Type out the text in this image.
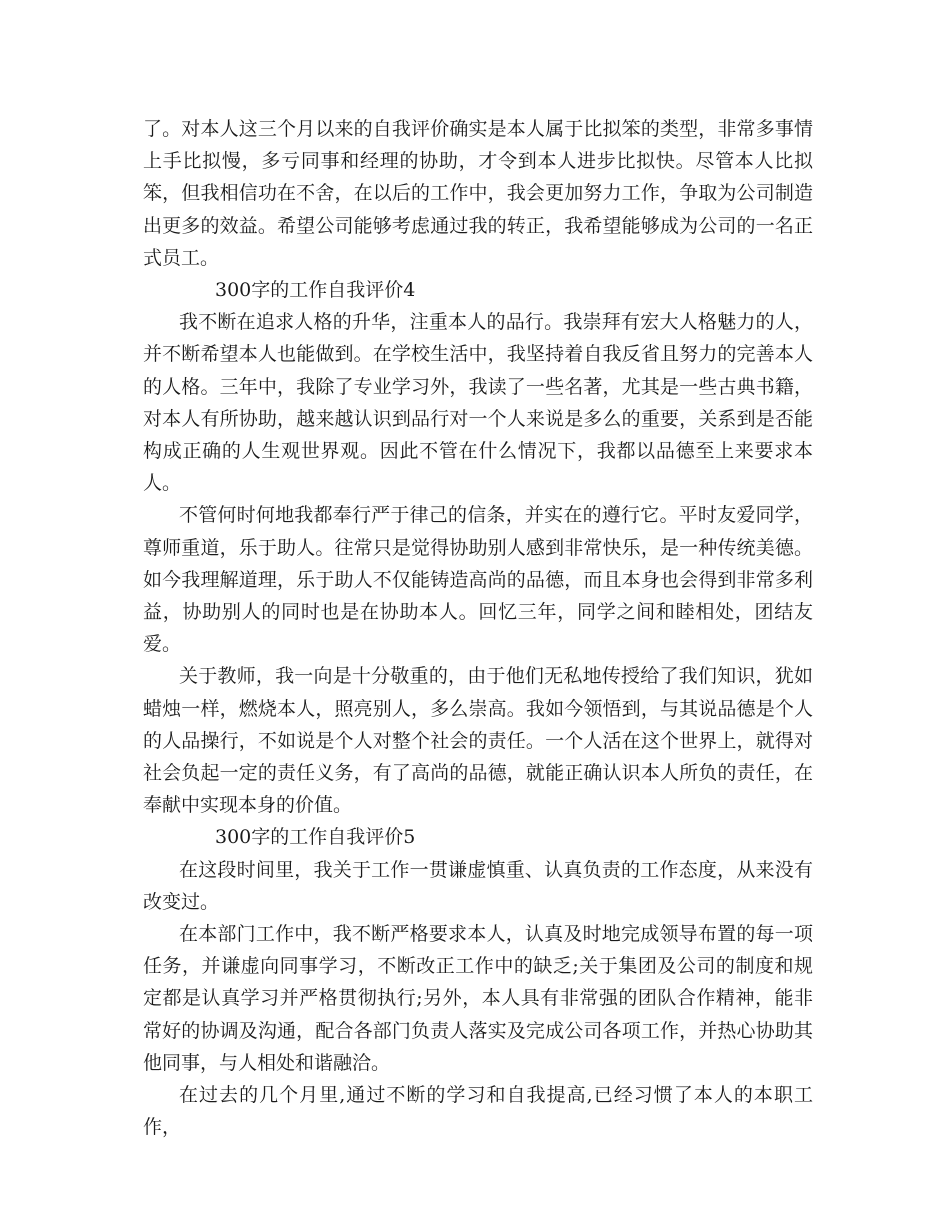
了。对本人这三个月以来的自我评价确实是本人属于比拟笨的类型，非常多事情上手比拟慢，多亏同事和经理的协助，才令到本人进步比拟快。尽管本人比拟笨，但我相信功在不舍，在以后的工作中，我会更加努力工作，争取为公司制造出更多的效益。希望公司能够考虑通过我的转正，我希望能够成为公司的一名正式员工。

300字的工作自我评价4

我不断在追求人格的升华，注重本人的品行。我崇拜有宏大人格魅力的人，并不断希望本人也能做到。在学校生活中，我坚持着自我反省且努力的完善本人的人格。三年中，我除了专业学习外，我读了一些名著，尤其是一些古典书籍，对本人有所协助，越来越认识到品行对一个人来说是多么的重要，关系到是否能构成正确的人生观世界观。因此不管在什么情况下，我都以品德至上来要求本人。

不管何时何地我都奉行严于律己的信条，并实在的遵行它。平时友爱同学，尊师重道，乐于助人。往常只是觉得协助别人感到非常快乐，是一种传统美德。如今我理解道理，乐于助人不仅能铸造高尚的品德，而且本身也会得到非常多利益，协助别人的同时也是在协助本人。回忆三年，同学之间和睦相处，团结友爱。

关于教师，我一向是十分敬重的，由于他们无私地传授给了我们知识，犹如蜡烛一样，燃烧本人，照亮别人，多么崇高。我如今领悟到，与其说品德是个人的人品操行，不如说是个人对整个社会的责任。一个人活在这个世界上，就得对社会负起一定的责任义务，有了高尚的品德，就能正确认识本人所负的责任，在奉献中实现本身的价值。

300字的工作自我评价5

在这段时间里，我关于工作一贯谦虚慎重、认真负责的工作态度，从来没有改变过。

在本部门工作中，我不断严格要求本人，认真及时地完成领导布置的每一项任务，并谦虚向同事学习，不断改正工作中的缺乏;关于集团及公司的制度和规定都是认真学习并严格贯彻执行;另外，本人具有非常强的团队合作精神，能非常好的协调及沟通，配合各部门负责人落实及完成公司各项工作，并热心协助其他同事，与人相处和谐融洽。

在过去的几个月里,通过不断的学习和自我提高,已经习惯了本人的本职工作，
